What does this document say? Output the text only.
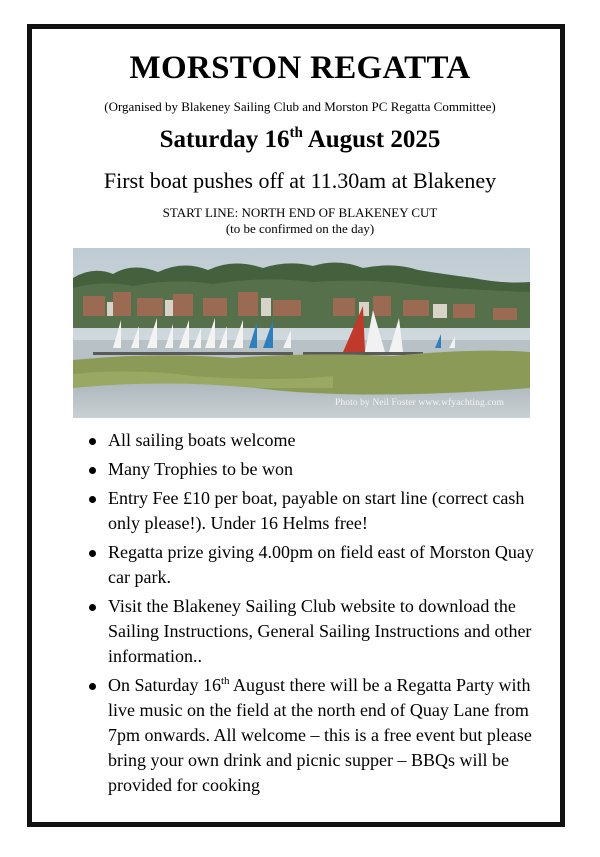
MORSTON REGATTA
(Organised by Blakeney Sailing Club and Morston PC Regatta Committee)
Saturday 16th August 2025
First boat pushes off at 11.30am at Blakeney
START LINE: NORTH END OF BLAKENEY CUT
(to be confirmed on the day)
Photo by Neil Foster www.wfyachting.com
All sailing boats welcome
Many Trophies to be won
Entry Fee £10 per boat, payable on start line (correct cash only please!). Under 16 Helms free!
Regatta prize giving 4.00pm on field east of Morston Quay car park.
Visit the Blakeney Sailing Club website to download the Sailing Instructions, General Sailing Instructions and other information..
On Saturday 16th August there will be a Regatta Party with live music on the field at the north end of Quay Lane from 7pm onwards. All welcome – this is a free event but please bring your own drink and picnic supper – BBQs will be provided for cooking
